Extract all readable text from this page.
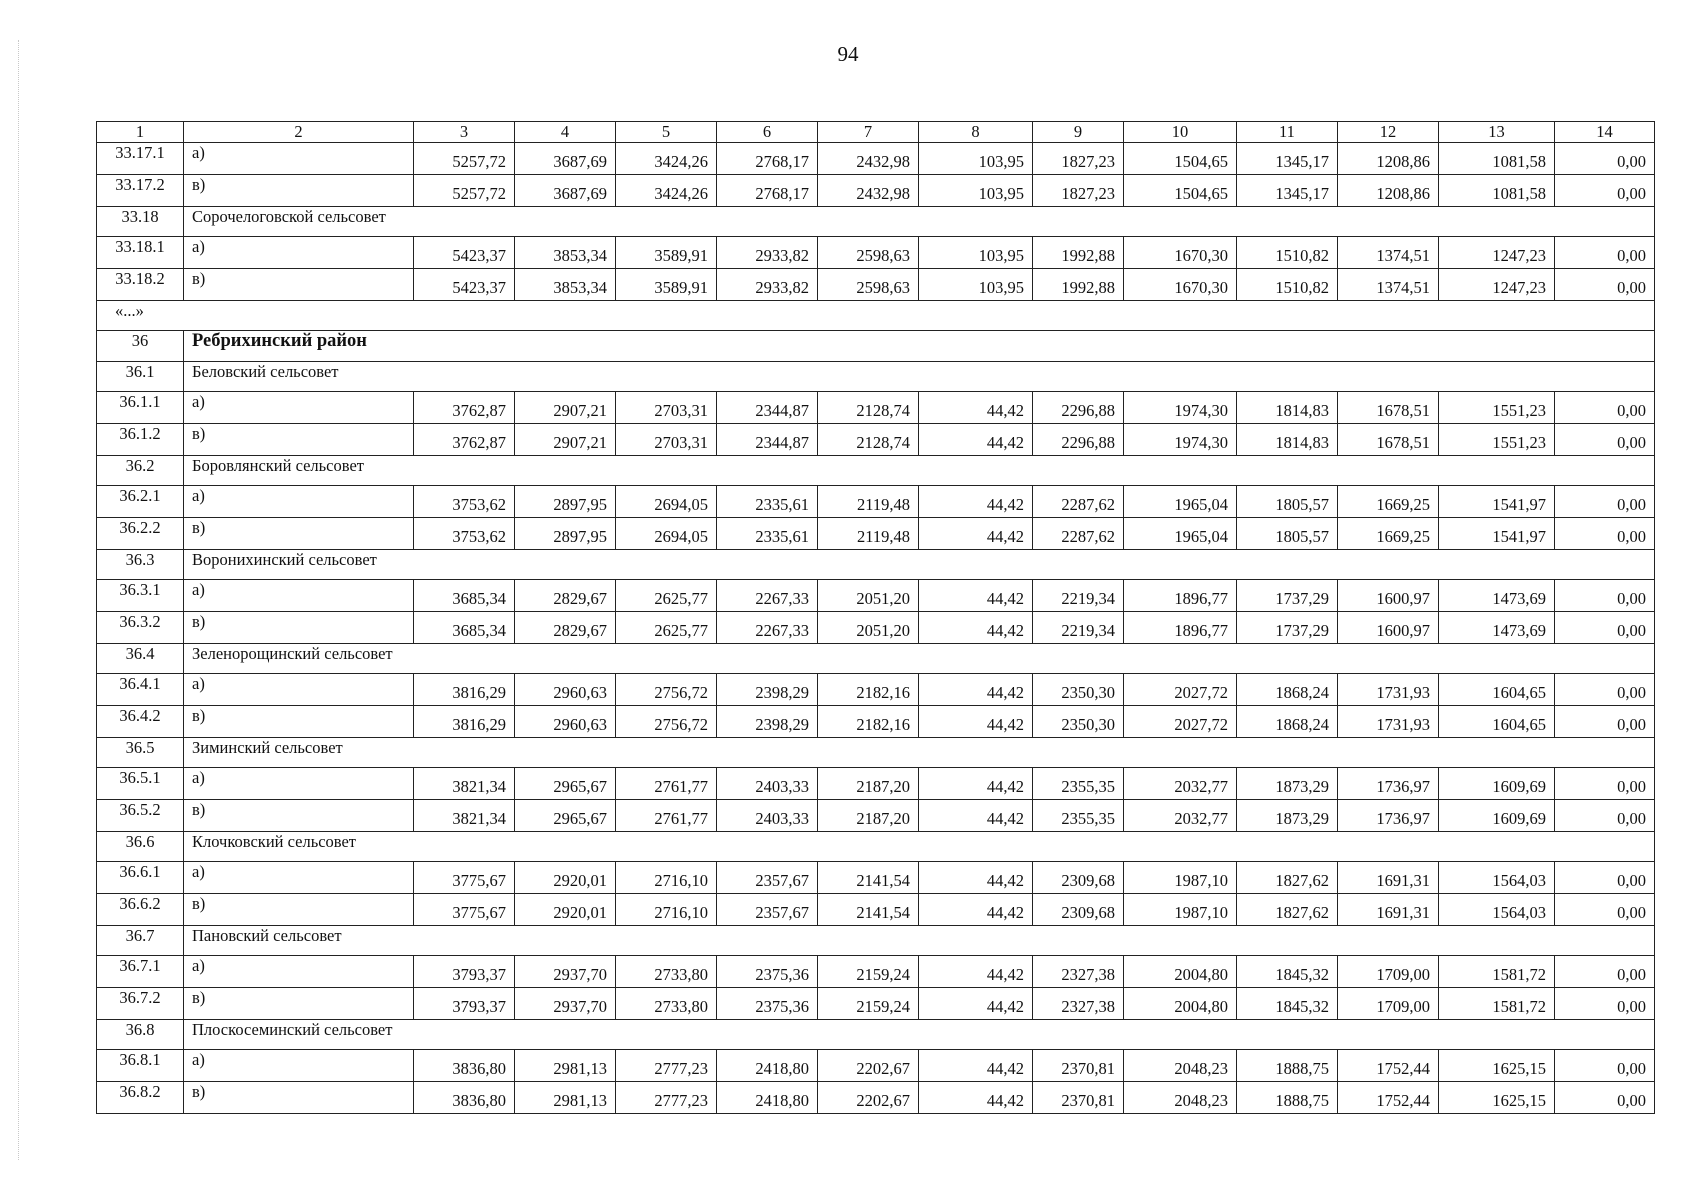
94
1	2	3	4	5	6	7	8	9	10	11	12	13	14
33.17.1	а)	5257,72	3687,69	3424,26	2768,17	2432,98	103,95	1827,23	1504,65	1345,17	1208,86	1081,58	0,00
33.17.2	в)	5257,72	3687,69	3424,26	2768,17	2432,98	103,95	1827,23	1504,65	1345,17	1208,86	1081,58	0,00
33.18	Сорочелоговской сельсовет												
33.18.1	а)	5423,37	3853,34	3589,91	2933,82	2598,63	103,95	1992,88	1670,30	1510,82	1374,51	1247,23	0,00
33.18.2	в)	5423,37	3853,34	3589,91	2933,82	2598,63	103,95	1992,88	1670,30	1510,82	1374,51	1247,23	0,00
«...»													
36	Ребрихинский район												
36.1	Беловский сельсовет												
36.1.1	а)	3762,87	2907,21	2703,31	2344,87	2128,74	44,42	2296,88	1974,30	1814,83	1678,51	1551,23	0,00
36.1.2	в)	3762,87	2907,21	2703,31	2344,87	2128,74	44,42	2296,88	1974,30	1814,83	1678,51	1551,23	0,00
36.2	Боровлянский сельсовет												
36.2.1	а)	3753,62	2897,95	2694,05	2335,61	2119,48	44,42	2287,62	1965,04	1805,57	1669,25	1541,97	0,00
36.2.2	в)	3753,62	2897,95	2694,05	2335,61	2119,48	44,42	2287,62	1965,04	1805,57	1669,25	1541,97	0,00
36.3	Воронихинский сельсовет												
36.3.1	а)	3685,34	2829,67	2625,77	2267,33	2051,20	44,42	2219,34	1896,77	1737,29	1600,97	1473,69	0,00
36.3.2	в)	3685,34	2829,67	2625,77	2267,33	2051,20	44,42	2219,34	1896,77	1737,29	1600,97	1473,69	0,00
36.4	Зеленорощинский сельсовет												
36.4.1	а)	3816,29	2960,63	2756,72	2398,29	2182,16	44,42	2350,30	2027,72	1868,24	1731,93	1604,65	0,00
36.4.2	в)	3816,29	2960,63	2756,72	2398,29	2182,16	44,42	2350,30	2027,72	1868,24	1731,93	1604,65	0,00
36.5	Зиминский сельсовет												
36.5.1	а)	3821,34	2965,67	2761,77	2403,33	2187,20	44,42	2355,35	2032,77	1873,29	1736,97	1609,69	0,00
36.5.2	в)	3821,34	2965,67	2761,77	2403,33	2187,20	44,42	2355,35	2032,77	1873,29	1736,97	1609,69	0,00
36.6	Клочковский сельсовет												
36.6.1	а)	3775,67	2920,01	2716,10	2357,67	2141,54	44,42	2309,68	1987,10	1827,62	1691,31	1564,03	0,00
36.6.2	в)	3775,67	2920,01	2716,10	2357,67	2141,54	44,42	2309,68	1987,10	1827,62	1691,31	1564,03	0,00
36.7	Пановский сельсовет												
36.7.1	а)	3793,37	2937,70	2733,80	2375,36	2159,24	44,42	2327,38	2004,80	1845,32	1709,00	1581,72	0,00
36.7.2	в)	3793,37	2937,70	2733,80	2375,36	2159,24	44,42	2327,38	2004,80	1845,32	1709,00	1581,72	0,00
36.8	Плоскосеминский сельсовет												
36.8.1	а)	3836,80	2981,13	2777,23	2418,80	2202,67	44,42	2370,81	2048,23	1888,75	1752,44	1625,15	0,00
36.8.2	в)	3836,80	2981,13	2777,23	2418,80	2202,67	44,42	2370,81	2048,23	1888,75	1752,44	1625,15	0,00
